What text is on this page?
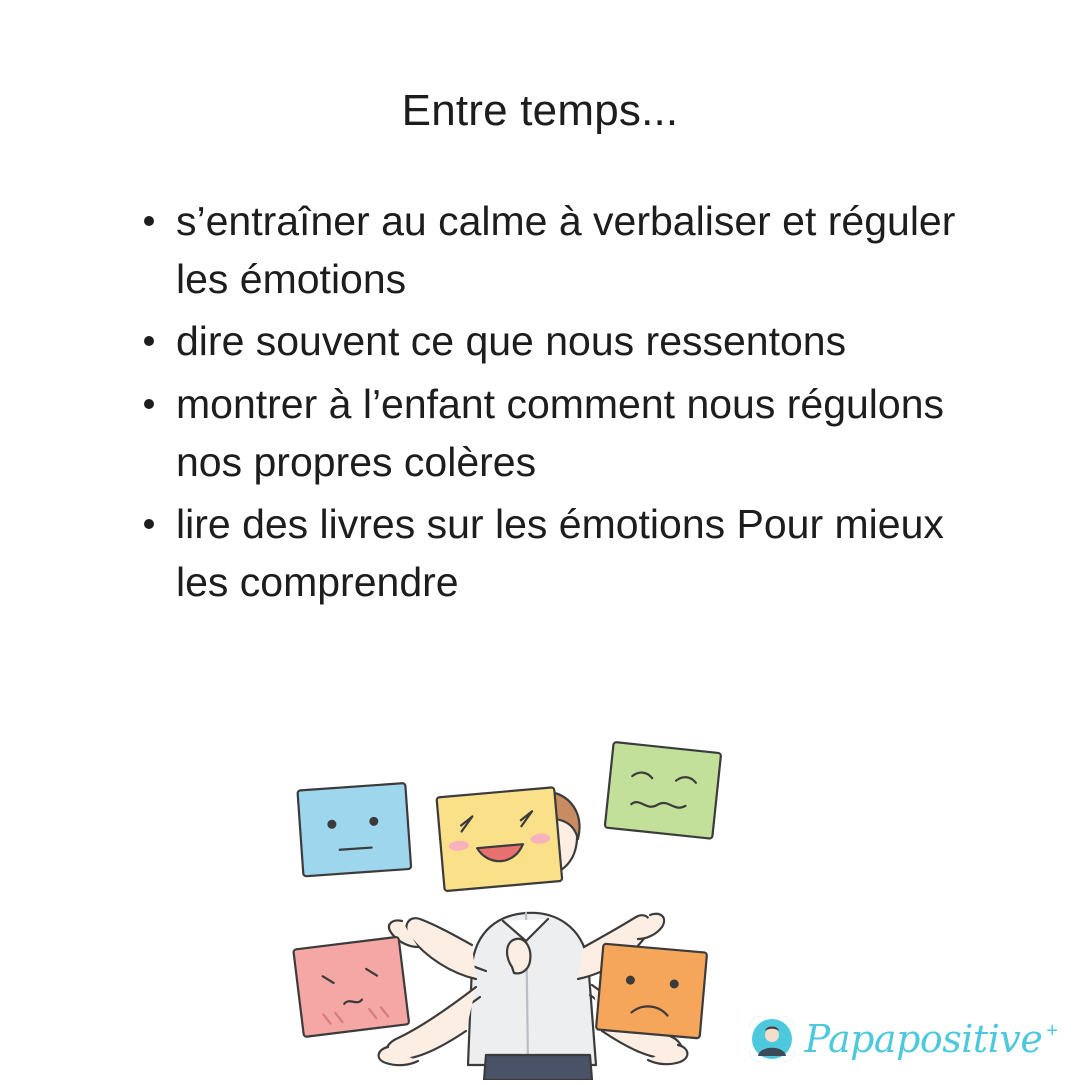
Entre temps...
s’entraîner au calme à verbaliser et réguler les émotions
dire souvent ce que nous ressentons
montrer à l’enfant comment nous régulons nos propres colères
lire des livres sur les émotions Pour mieux les comprendre
Papapositive +
